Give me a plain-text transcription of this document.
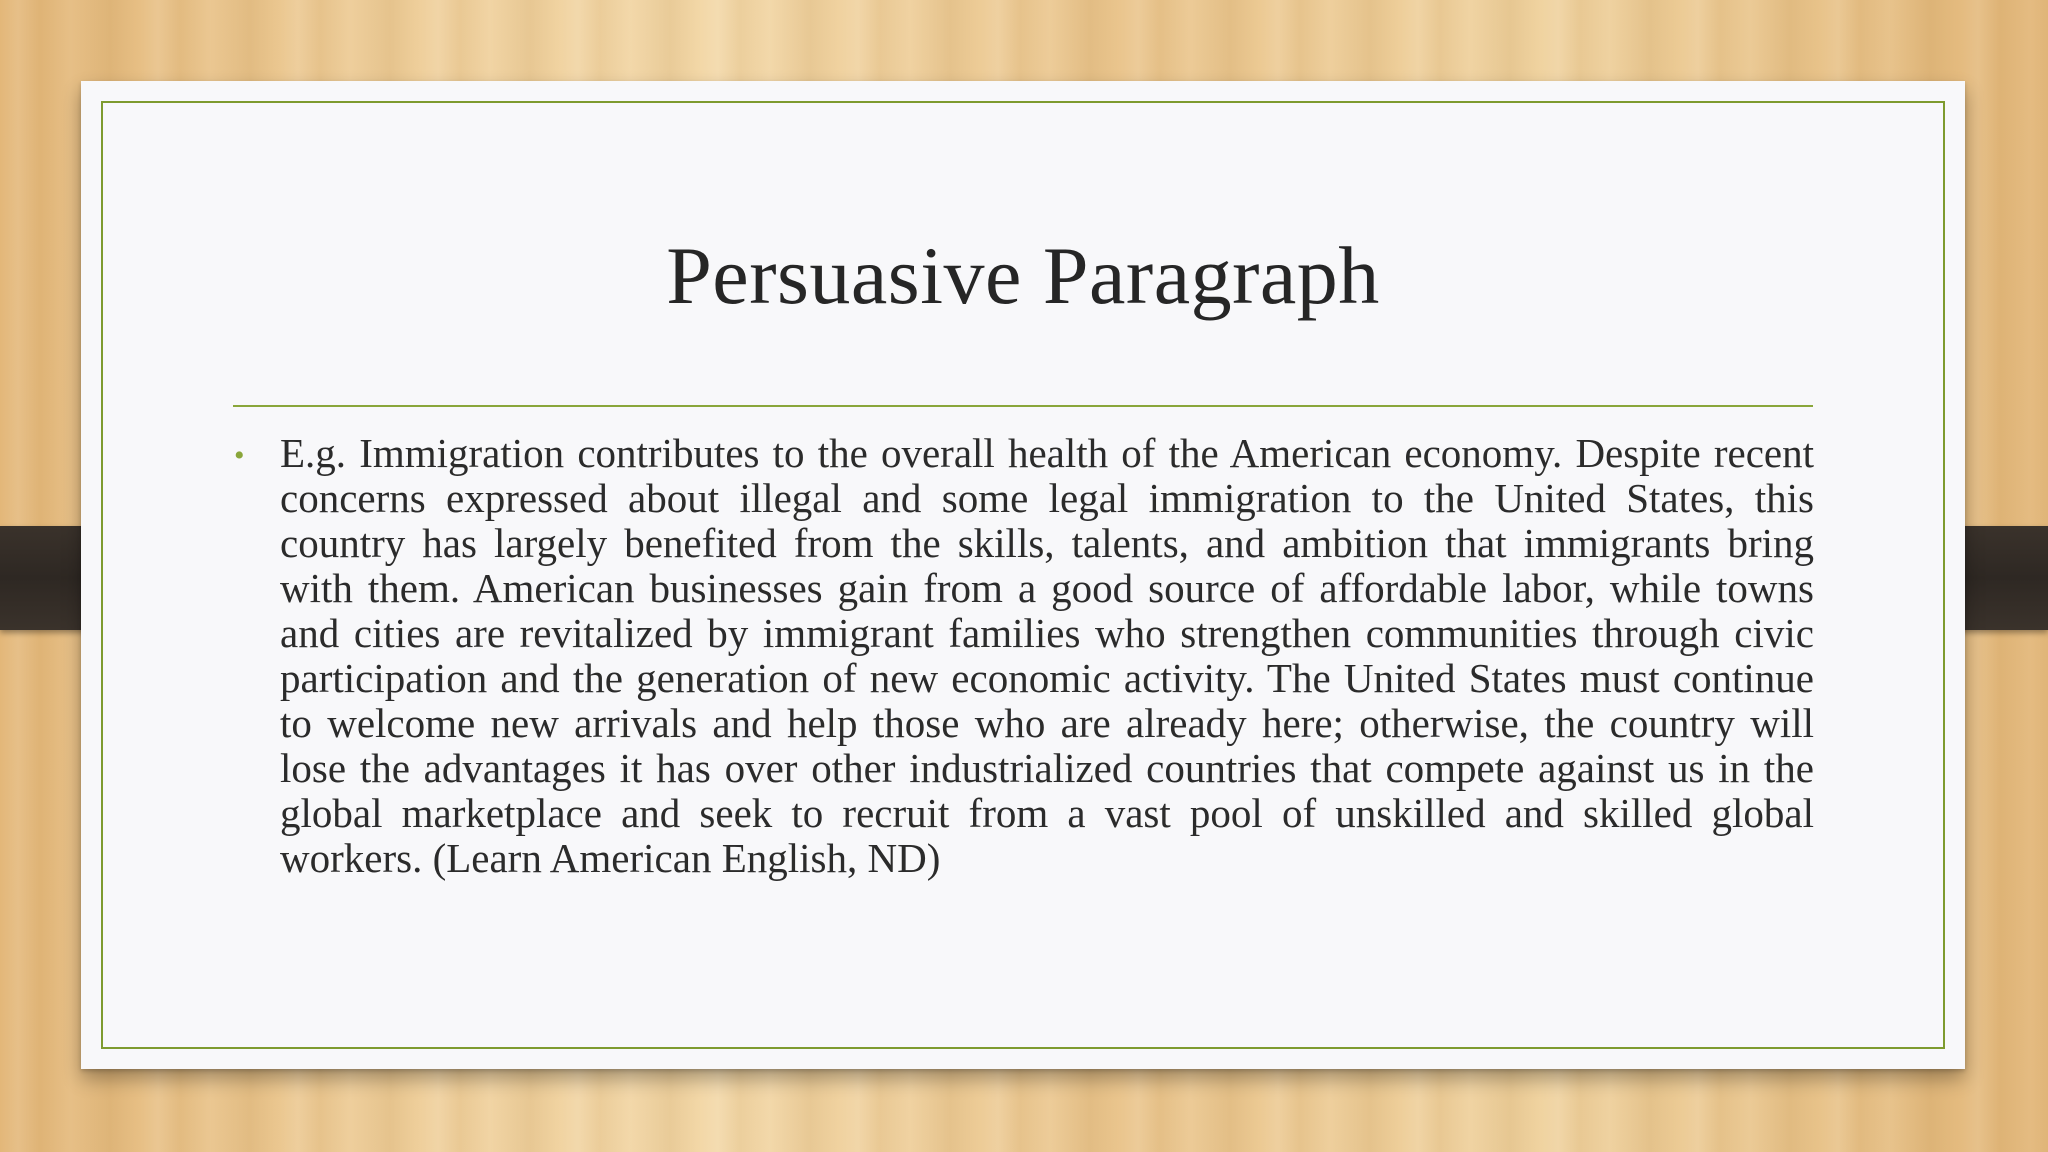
Persuasive Paragraph
• E.g. Immigration contributes to the overall health of the American economy. Despite recent concerns expressed about illegal and some legal immigration to the United States, this country has largely benefited from the skills, talents, and ambition that immigrants bring with them. American businesses gain from a good source of affordable labor, while towns and cities are revitalized by immigrant families who strengthen communities through civic participation and the generation of new economic activity. The United States must continue to welcome new arrivals and help those who are already here; otherwise, the country will lose the advantages it has over other industrialized countries that compete against us in the global marketplace and seek to recruit from a vast pool of unskilled and skilled global workers. (Learn American English, ND)
